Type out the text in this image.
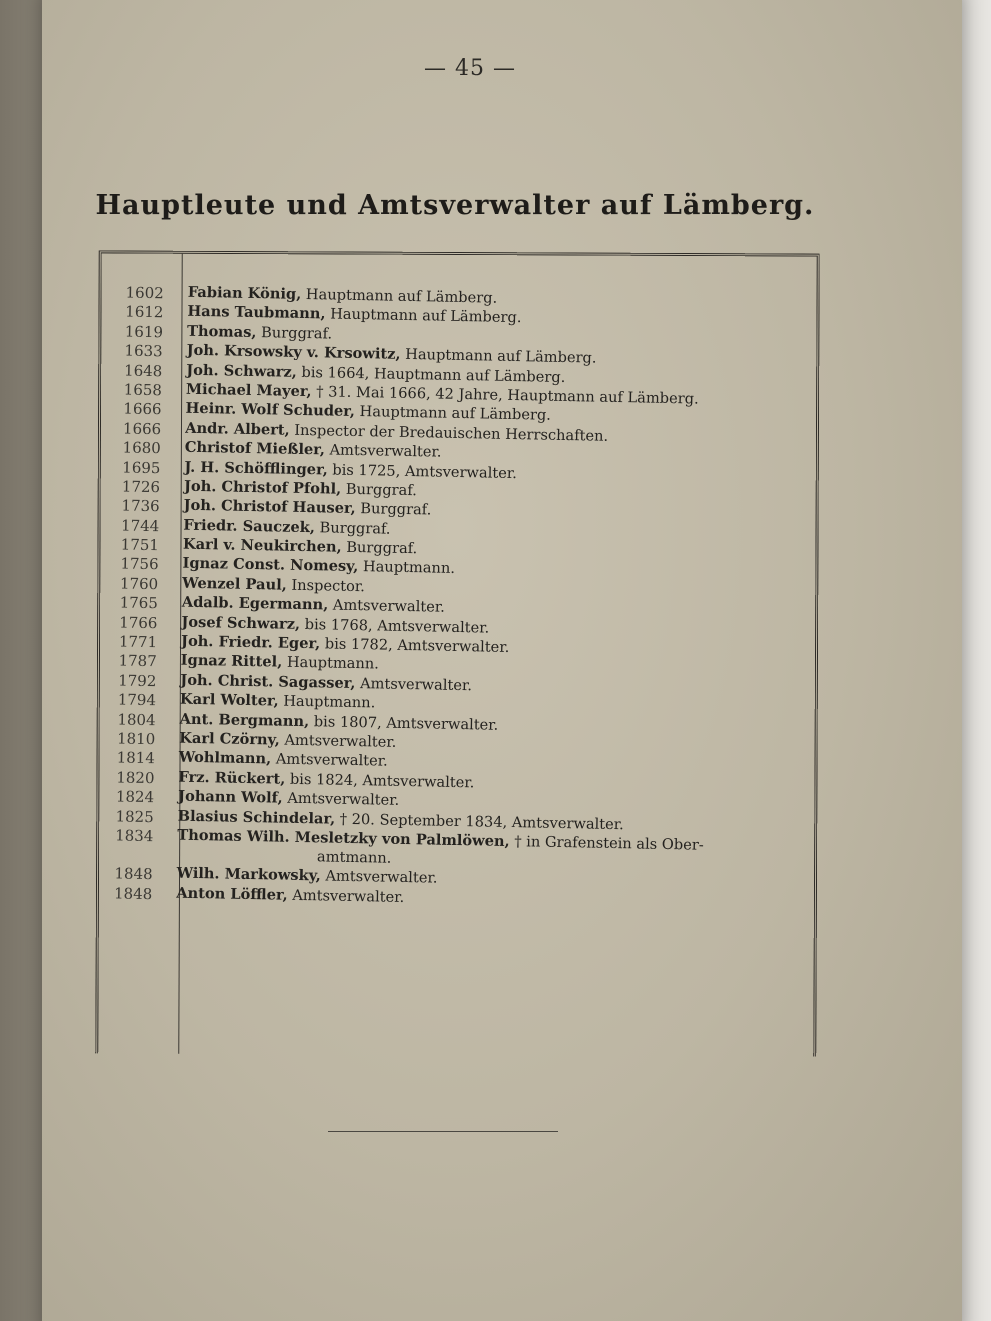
— 45 —
Hauptleute und Amtsverwalter auf Lämberg.
1602 Fabian König, Hauptmann auf Lämberg.
1612 Hans Taubmann, Hauptmann auf Lämberg.
1619 Thomas, Burggraf.
1633 Joh. Krsowsky v. Krsowitz, Hauptmann auf Lämberg.
1648 Joh. Schwarz, bis 1664, Hauptmann auf Lämberg.
1658 Michael Mayer, † 31. Mai 1666, 42 Jahre, Hauptmann auf Lämberg.
1666 Heinr. Wolf Schuder, Hauptmann auf Lämberg.
1666 Andr. Albert, Inspector der Bredauischen Herrschaften.
1680 Christof Mießler, Amtsverwalter.
1695 J. H. Schöfflinger, bis 1725, Amtsverwalter.
1726 Joh. Christof Pfohl, Burggraf.
1736 Joh. Christof Hauser, Burggraf.
1744 Friedr. Sauczek, Burggraf.
1751 Karl v. Neukirchen, Burggraf.
1756 Ignaz Const. Nomesy, Hauptmann.
1760 Wenzel Paul, Inspector.
1765 Adalb. Egermann, Amtsverwalter.
1766 Josef Schwarz, bis 1768, Amtsverwalter.
1771 Joh. Friedr. Eger, bis 1782, Amtsverwalter.
1787 Ignaz Rittel, Hauptmann.
1792 Joh. Christ. Sagasser, Amtsverwalter.
1794 Karl Wolter, Hauptmann.
1804 Ant. Bergmann, bis 1807, Amtsverwalter.
1810 Karl Czörny, Amtsverwalter.
1814 Wohlmann, Amtsverwalter.
1820 Frz. Rückert, bis 1824, Amtsverwalter.
1824 Johann Wolf, Amtsverwalter.
1825 Blasius Schindelar, † 20. September 1834, Amtsverwalter.
1834 Thomas Wilh. Mesletzky von Palmlöwen, † in Grafenstein als Ober-
amtmann.
1848 Wilh. Markowsky, Amtsverwalter.
1848 Anton Löffler, Amtsverwalter.
